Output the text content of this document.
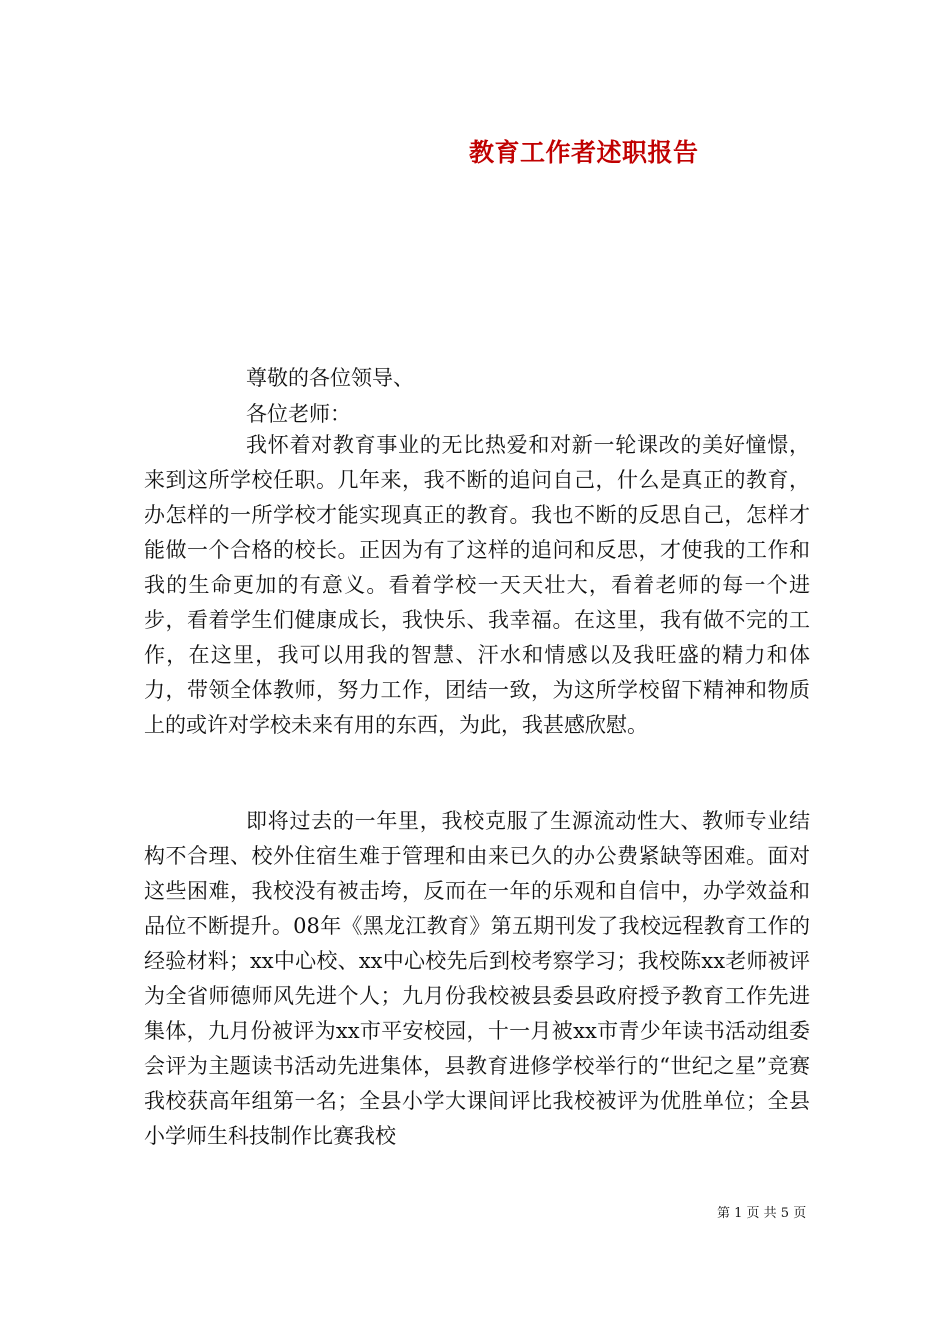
教育工作者述职报告
尊敬的各位领导、
各位老师：

我怀着对教育事业的无比热爱和对新一轮课改的美好憧憬，来到这所学校任职。几年来，我不断的追问自己，什么是真正的教育，办怎样的一所学校才能实现真正的教育。我也不断的反思自己，怎样才能做一个合格的校长。正因为有了这样的追问和反思，才使我的工作和我的生命更加的有意义。看着学校一天天壮大，看着老师的每一个进步，看着学生们健康成长，我快乐、我幸福。在这里，我有做不完的工作，在这里，我可以用我的智慧、汗水和情感以及我旺盛的精力和体力，带领全体教师，努力工作，团结一致，为这所学校留下精神和物质上的或许对学校未来有用的东西，为此，我甚感欣慰。

即将过去的一年里，我校克服了生源流动性大、教师专业结构不合理、校外住宿生难于管理和由来已久的办公费紧缺等困难。面对这些困难，我校没有被击垮，反而在一年的乐观和自信中，办学效益和品位不断提升。08年《黑龙江教育》第五期刊发了我校远程教育工作的经验材料；xx中心校、xx中心校先后到校考察学习；我校陈xx老师被评为全省师德师风先进个人；九月份我校被县委县政府授予教育工作先进集体，九月份被评为xx市平安校园，十一月被xx市青少年读书活动组委会评为主题读书活动先进集体，县教育进修学校举行的“世纪之星”竞赛我校获高年组第一名；全县小学大课间评比我校被评为优胜单位；全县小学师生科技制作比赛我校

第 1 页 共 5 页
